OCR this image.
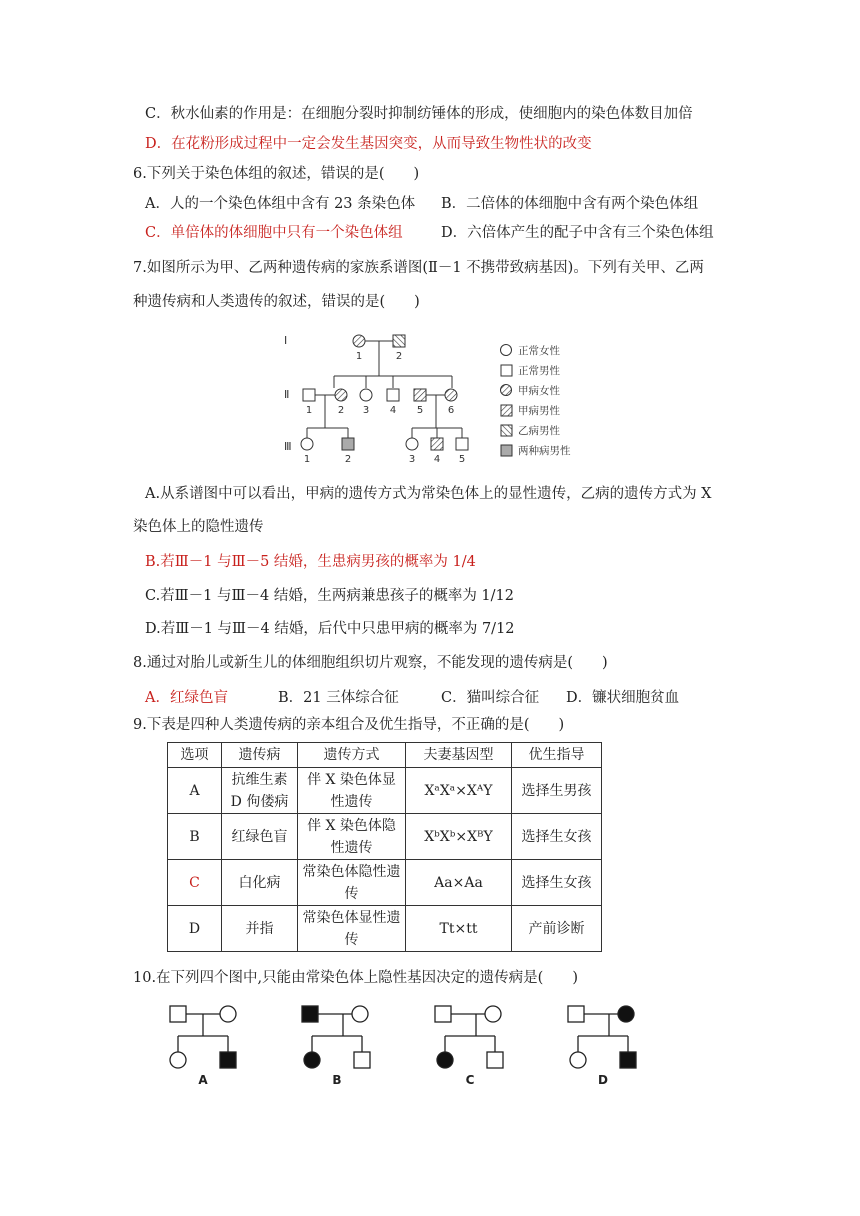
C．秋水仙素的作用是：在细胞分裂时抑制纺锤体的形成，使细胞内的染色体数目加倍
D．在花粉形成过程中一定会发生基因突变，从而导致生物性状的改变
6.下列关于染色体组的叙述，错误的是(　　)
A．人的一个染色体组中含有 23 条染色体 B．二倍体的体细胞中含有两个染色体组
C．单倍体的体细胞中只有一个染色体组	D．六倍体产生的配子中含有三个染色体组
7.如图所示为甲、乙两种遗传病的家族系谱图(Ⅱ－1 不携带致病基因)。下列有关甲、乙两
种遗传病和人类遗传的叙述，错误的是(　　)
Ⅰ
Ⅱ
Ⅲ
1	2
1	2 3 4 5 6
1	2	3 4 5
正常女性
正常男性
甲病女性
甲病男性
乙病男性
两种病男性
A.从系谱图中可以看出，甲病的遗传方式为常染色体上的显性遗传，乙病的遗传方式为 X
染色体上的隐性遗传
B.若Ⅲ－1 与Ⅲ－5 结婚，生患病男孩的概率为 1/4
C.若Ⅲ－1 与Ⅲ－4 结婚，生两病兼患孩子的概率为 1/12
D.若Ⅲ－1 与Ⅲ－4 结婚，后代中只患甲病的概率为 7/12
8.通过对胎儿或新生儿的体细胞组织切片观察，不能发现的遗传病是(　　)
A．红绿色盲	B．21 三体综合征	C．猫叫综合征 D．镰状细胞贫血
9.下表是四种人类遗传病的亲本组合及优生指导，不正确的是(　　)
选项	遗传病	遗传方式	夫妻基因型	优生指导
A	抗维生素 D 佝偻病	伴 X 染色体显性遗传	XᵃXᵃ×XᴬY	选择生男孩
B	红绿色盲	伴 X 染色体隐性遗传	XᵇXᵇ×XᴮY	选择生女孩
C	白化病	常染色体隐性遗传	Aa×Aa	选择生女孩
D	并指	常染色体显性遗传	Tt×tt	产前诊断
10.在下列四个图中,只能由常染色体上隐性基因决定的遗传病是(　　)
A	B	C	D
